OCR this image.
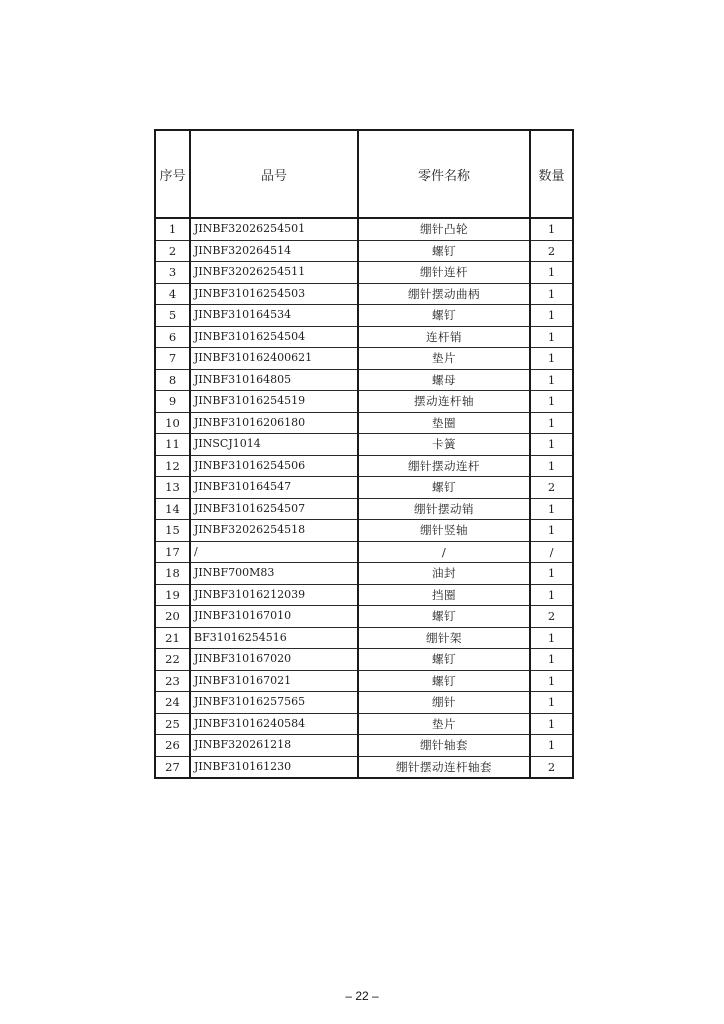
序号	品号	零件名称	数量
1	JINBF32026254501	绷针凸轮	1
2	JINBF320264514	螺钉	2
3	JINBF32026254511	绷针连杆	1
4	JINBF31016254503	绷针摆动曲柄	1
5	JINBF310164534	螺钉	1
6	JINBF31016254504	连杆销	1
7	JINBF310162400621	垫片	1
8	JINBF310164805	螺母	1
9	JINBF31016254519	摆动连杆轴	1
10	JINBF31016206180	垫圈	1
11	JINSCJ1014	卡簧	1
12	JINBF31016254506	绷针摆动连杆	1
13	JINBF310164547	螺钉	2
14	JINBF31016254507	绷针摆动销	1
15	JINBF32026254518	绷针竖轴	1
17	/	/	/
18	JINBF700M83	油封	1
19	JINBF31016212039	挡圈	1
20	JINBF310167010	螺钉	2
21	BF31016254516	绷针架	1
22	JINBF310167020	螺钉	1
23	JINBF310167021	螺钉	1
24	JINBF31016257565	绷针	1
25	JINBF31016240584	垫片	1
26	JINBF320261218	绷针轴套	1
27	JINBF310161230	绷针摆动连杆轴套	2
– 22 –
